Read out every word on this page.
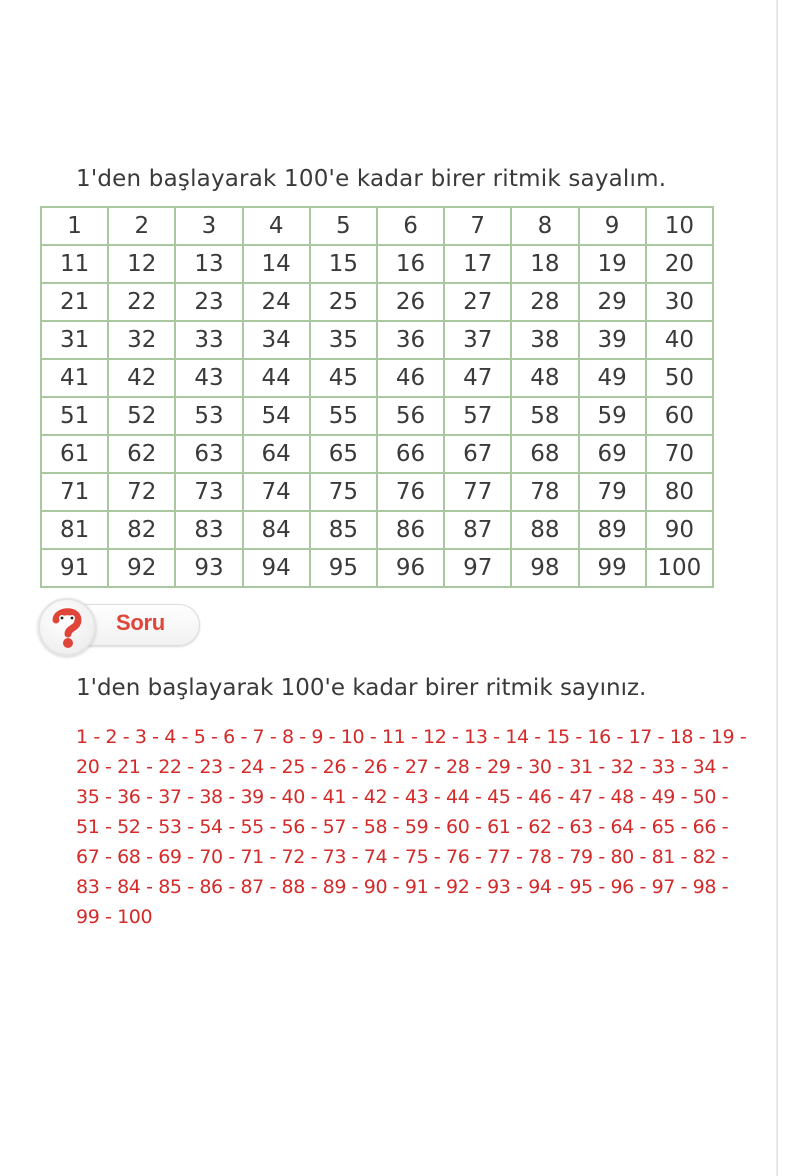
1'den başlayarak 100'e kadar birer ritmik sayalım.
1	2	3	4	5	6	7	8	9	10
11	12	13	14	15	16	17	18	19	20
21	22	23	24	25	26	27	28	29	30
31	32	33	34	35	36	37	38	39	40
41	42	43	44	45	46	47	48	49	50
51	52	53	54	55	56	57	58	59	60
61	62	63	64	65	66	67	68	69	70
71	72	73	74	75	76	77	78	79	80
81	82	83	84	85	86	87	88	89	90
91	92	93	94	95	96	97	98	99	100
Soru

1'den başlayarak 100'e kadar birer ritmik sayınız.

1 - 2 - 3 - 4 - 5 - 6 - 7 - 8 - 9 - 10 - 11 - 12 - 13 - 14 - 15 - 16 - 17 - 18 - 19 -
20 - 21 - 22 - 23 - 24 - 25 - 26 - 26 - 27 - 28 - 29 - 30 - 31 - 32 - 33 - 34 -
35 - 36 - 37 - 38 - 39 - 40 - 41 - 42 - 43 - 44 - 45 - 46 - 47 - 48 - 49 - 50 -
51 - 52 - 53 - 54 - 55 - 56 - 57 - 58 - 59 - 60 - 61 - 62 - 63 - 64 - 65 - 66 -
67 - 68 - 69 - 70 - 71 - 72 - 73 - 74 - 75 - 76 - 77 - 78 - 79 - 80 - 81 - 82 -
83 - 84 - 85 - 86 - 87 - 88 - 89 - 90 - 91 - 92 - 93 - 94 - 95 - 96 - 97 - 98 -
99 - 100
